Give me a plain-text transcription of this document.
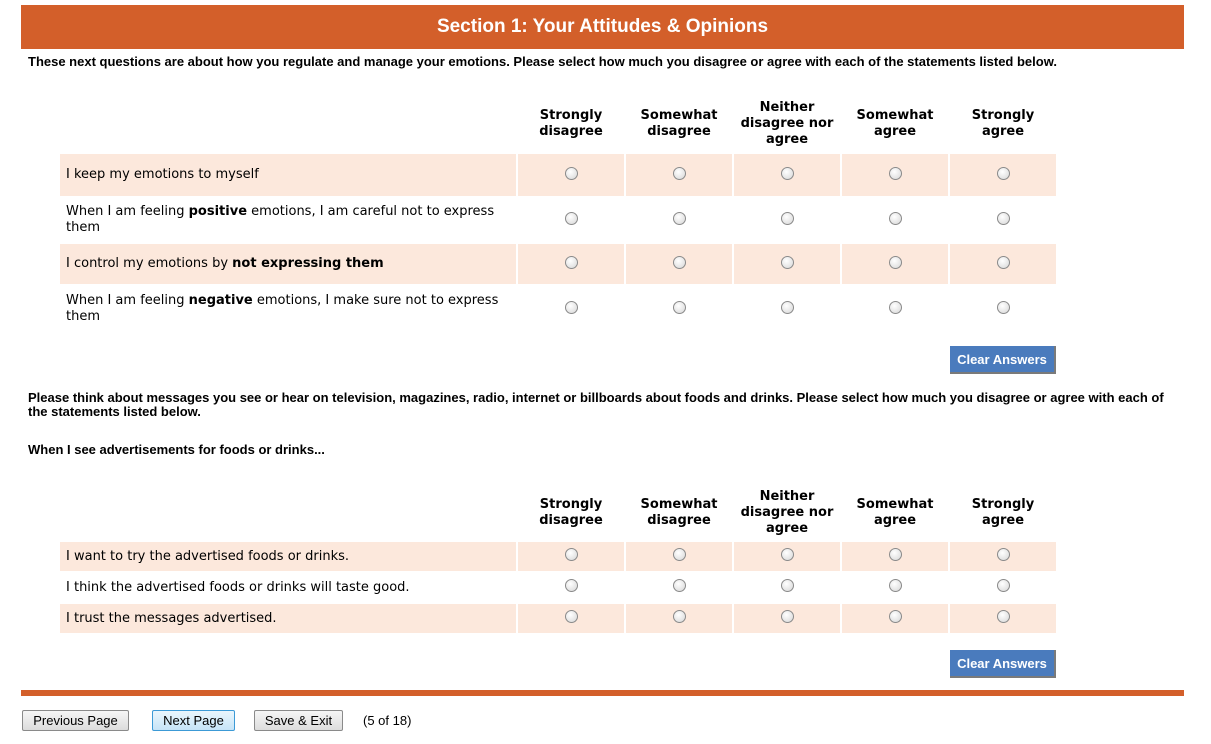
Section 1: Your Attitudes & Opinions
These next questions are about how you regulate and manage your emotions. Please select how much you disagree or agree with each of the statements listed below.
	Strongly disagree	Somewhat disagree	Neither disagree nor agree	Somewhat agree	Strongly agree
I keep my emotions to myself					
When I am feeling positive emotions, I am careful not to express them					
I control my emotions by not expressing them					
When I am feeling negative emotions, I make sure not to express them					
Clear Answers
Please think about messages you see or hear on television, magazines, radio, internet or billboards about foods and drinks. Please select how much you disagree or agree with each of the statements listed below.
When I see advertisements for foods or drinks...
	Strongly disagree	Somewhat disagree	Neither disagree nor agree	Somewhat agree	Strongly agree
I want to try the advertised foods or drinks.					
I think the advertised foods or drinks will taste good.					
I trust the messages advertised.					
Clear Answers
Previous Page	Next Page	Save & Exit	(5 of 18)
